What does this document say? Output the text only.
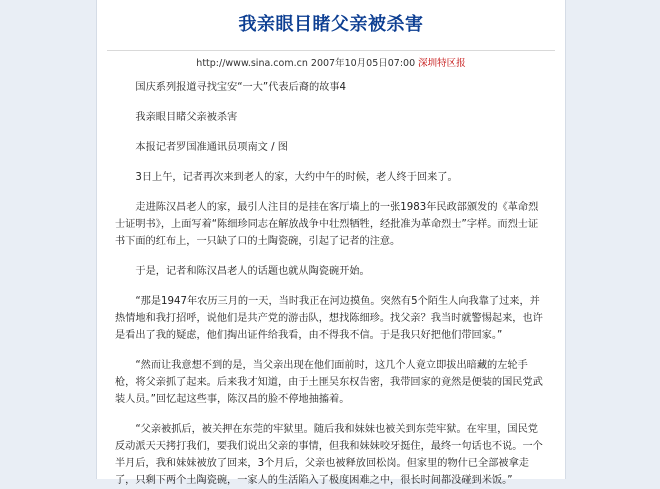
我亲眼目睹父亲被杀害
http://www.sina.com.cn 2007年10月05日07:00 深圳特区报

国庆系列报道寻找宝安“一大”代表后裔的故事4

我亲眼目睹父亲被杀害

本报记者罗国准通讯员项南文 / 图

3日上午，记者再次来到老人的家，大约中午的时候，老人终于回来了。

走进陈汉昌老人的家，最引人注目的是挂在客厅墙上的一张1983年民政部颁发的《革命烈士证明书》，上面写着“陈细珍同志在解放战争中壮烈牺牲，经批准为革命烈士”字样。而烈士证书下面的红布上，一只缺了口的土陶瓷碗，引起了记者的注意。

于是，记者和陈汉昌老人的话题也就从陶瓷碗开始。

“那是1947年农历三月的一天，当时我正在河边摸鱼。突然有5个陌生人向我靠了过来，并热情地和我打招呼，说他们是共产党的游击队，想找陈细珍。找父亲？我当时就警惕起来，也许是看出了我的疑虑，他们掏出证件给我看，由不得我不信。于是我只好把他们带回家。”

“然而让我意想不到的是，当父亲出现在他们面前时，这几个人竟立即拔出暗藏的左轮手枪，将父亲抓了起来。后来我才知道，由于土匪吴东权告密，我带回家的竟然是便装的国民党武装人员。”回忆起这些事，陈汉昌的脸不停地抽搐着。

“父亲被抓后，被关押在东莞的牢狱里。随后我和妹妹也被关到东莞牢狱。在牢里，国民党反动派天天拷打我们，要我们说出父亲的事情，但我和妹妹咬牙挺住，最终一句话也不说。一个半月后，我和妹妹被放了回来，3个月后，父亲也被释放回松岗。但家里的物什已全部被拿走了，只剩下两个土陶瓷碗，一家人的生活陷入了极度困难之中，很长时间都没碰到米饭。”
